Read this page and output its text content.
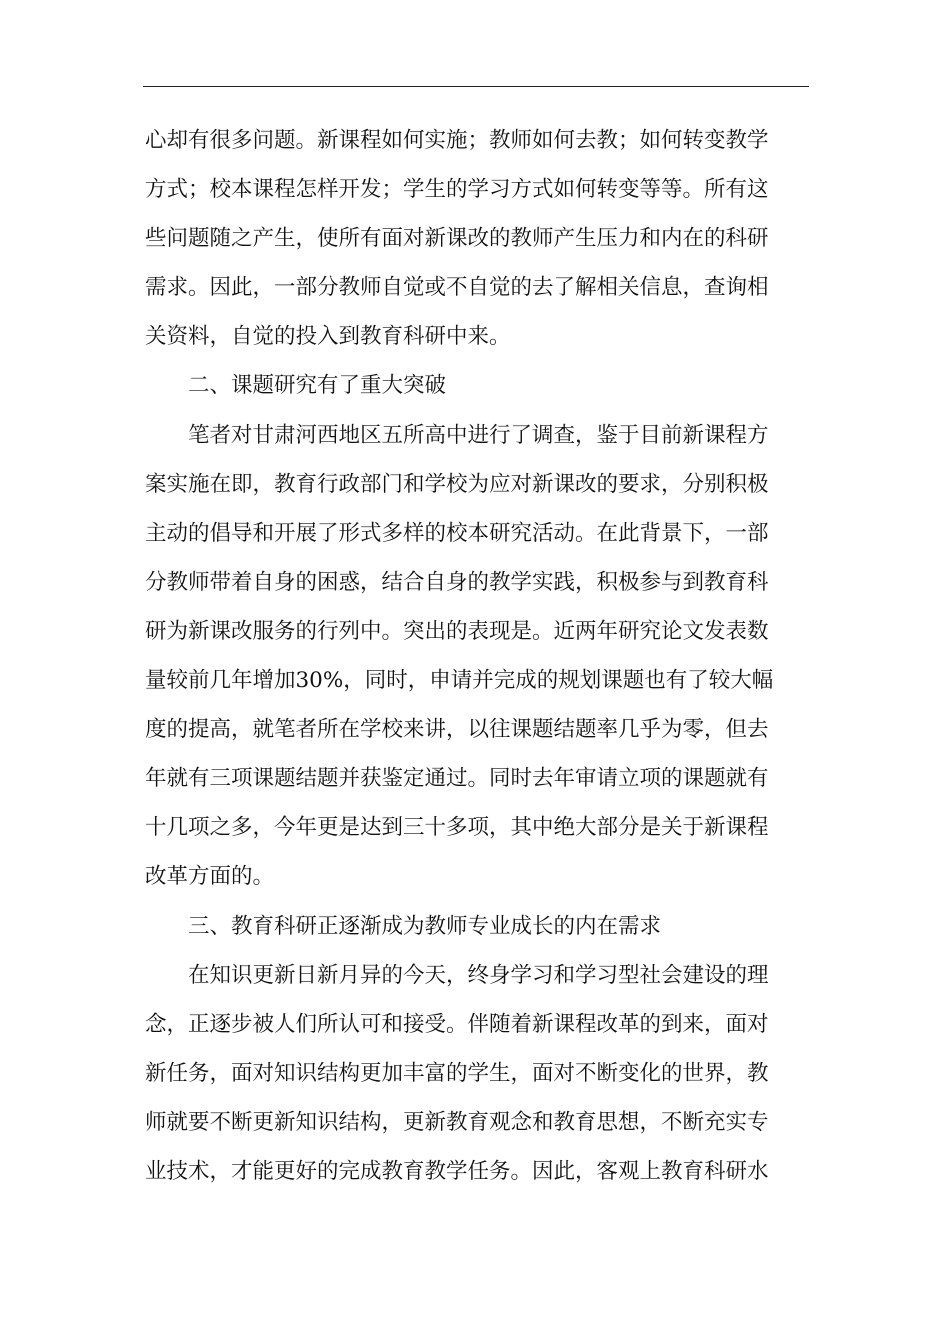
心却有很多问题。新课程如何实施；教师如何去教；如何转变教学
方式；校本课程怎样开发；学生的学习方式如何转变等等。所有这
些问题随之产生，使所有面对新课改的教师产生压力和内在的科研
需求。因此，一部分教师自觉或不自觉的去了解相关信息，查询相
关资料，自觉的投入到教育科研中来。
二、课题研究有了重大突破
笔者对甘肃河西地区五所高中进行了调查，鉴于目前新课程方
案实施在即，教育行政部门和学校为应对新课改的要求，分别积极
主动的倡导和开展了形式多样的校本研究活动。在此背景下，一部
分教师带着自身的困惑，结合自身的教学实践，积极参与到教育科
研为新课改服务的行列中。突出的表现是。近两年研究论文发表数
量较前几年增加30%，同时，申请并完成的规划课题也有了较大幅
度的提高，就笔者所在学校来讲，以往课题结题率几乎为零，但去
年就有三项课题结题并获鉴定通过。同时去年审请立项的课题就有
十几项之多，今年更是达到三十多项，其中绝大部分是关于新课程
改革方面的。
三、教育科研正逐渐成为教师专业成长的内在需求
在知识更新日新月异的今天，终身学习和学习型社会建设的理
念，正逐步被人们所认可和接受。伴随着新课程改革的到来，面对
新任务，面对知识结构更加丰富的学生，面对不断变化的世界，教
师就要不断更新知识结构，更新教育观念和教育思想，不断充实专
业技术，才能更好的完成教育教学任务。因此，客观上教育科研水
